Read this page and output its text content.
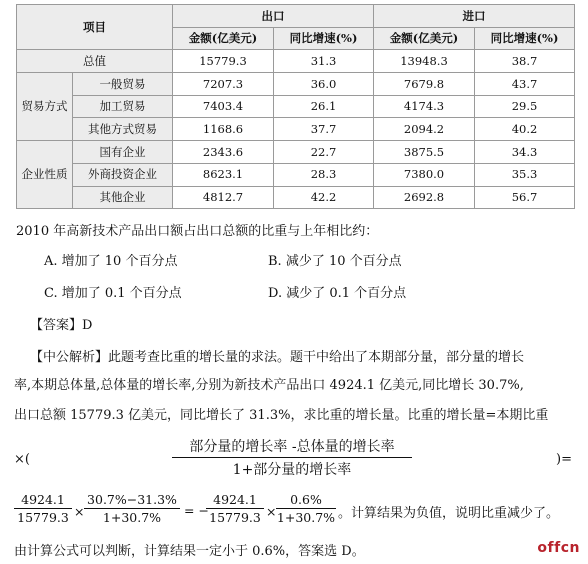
项目		出口		进口	
		金额(亿美元)	同比增速(%)	金额(亿美元)	同比增速(%)
总值		15779.3	31.3	13948.3	38.7
贸易方式	一般贸易	7207.3	36.0	7679.8	43.7
	加工贸易	7403.4	26.1	4174.3	29.5
	其他方式贸易	1168.6	37.7	2094.2	40.2
企业性质	国有企业	2343.6	22.7	3875.5	34.3
	外商投资企业	8623.1	28.3	7380.0	35.3
	其他企业	4812.7	42.2	2692.8	56.7
2010 年高新技术产品出口额占出口总额的比重与上年相比约：
A. 增加了 10 个百分点	B. 减少了 10 个百分点
C. 增加了 0.1 个百分点	D. 减少了 0.1 个百分点
【答案】D
【中公解析】此题考查比重的增长量的求法。题干中给出了本期部分量，部分量的增长
率,本期总体量,总体量的增长率,分别为新技术产品出口 4924.1 亿美元,同比增长 30.7%,
出口总额 15779.3 亿美元，同比增长了 31.3%，求比重的增长量。比重的增长量=本期比重
×(
部分量的增长率 -总体量的增长率
1+部分量的增长率
)=
4924.1
15779.3 ×
30.7%−31.3%
1+30.7%	= −
4924.1
15779.3 ×
0.6%
1+30.7% 。计算结果为负值，说明比重减少了。
由计算公式可以判断，计算结果一定小于 0.6%，答案选 D。	offcn
